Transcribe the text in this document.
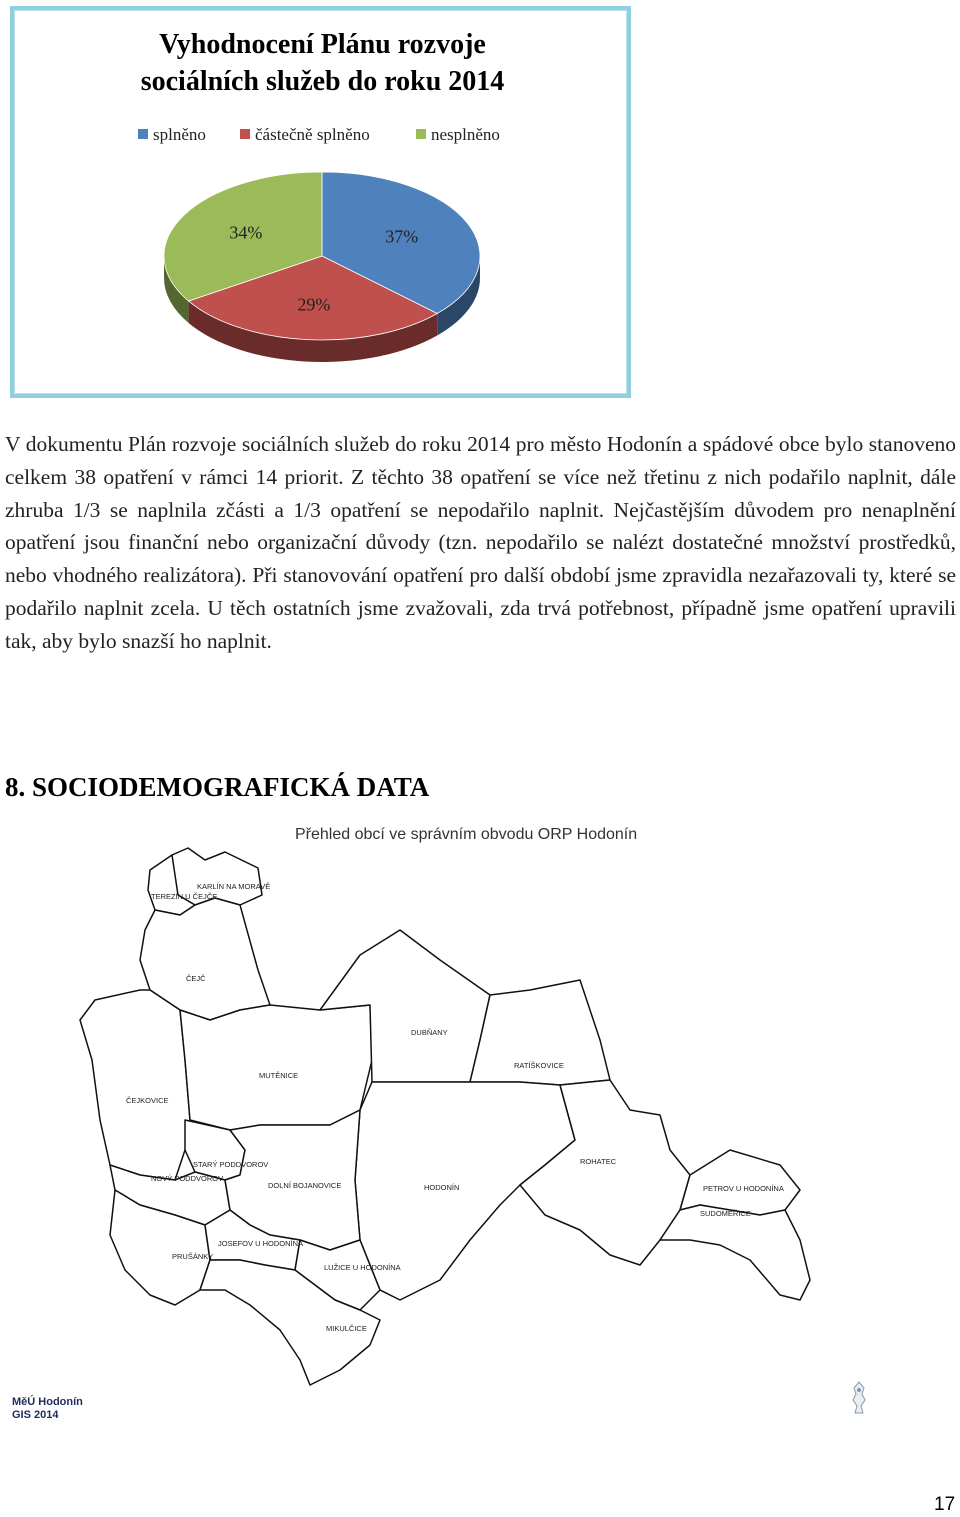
Vyhodnocení Plánu rozvoje
sociálních služeb do roku 2014
splněno	částečně splněno	nesplněno
37%
29%
34%

V dokumentu Plán rozvoje sociálních služeb do roku 2014 pro město Hodonín a spádové obce bylo stanoveno celkem 38 opatření v rámci 14 priorit. Z těchto 38 opatření se více než třetinu z nich podařilo naplnit, dále zhruba 1/3 se naplnila zčásti a 1/3 opatření se nepodařilo naplnit. Nejčastějším důvodem pro nenaplnění opatření jsou finanční nebo organizační důvody (tzn. nepodařilo se nalézt dostatečné množství prostředků, nebo vhodného realizátora). Při stanovování opatření pro další období jsme zpravidla nezařazovali ty, které se podařilo naplnit zcela. U těch ostatních jsme zvažovali, zda trvá potřebnost, případně jsme opatření upravili tak, aby bylo snazší ho naplnit.

8. SOCIODEMOGRAFICKÁ DATA
Přehled obcí ve správním obvodu ORP Hodonín
KARLÍN NA MORAVĚ
TEREZÍN U ČEJČE
ČEJČ
DUBŇANY
MUTĚNICE
RATÍŠKOVICE
ČEJKOVICE
STARÝ PODDVOROV
NOVÝ PODDVOROV
DOLNÍ BOJANOVICE	HODONÍN
ROHATEC
PETROV U HODONÍNA
SUDOMĚŘICE
PRUŠÁNKY
JOSEFOV U HODONÍNA
LUŽICE U HODONÍNA
MIKULČICE
MěÚ Hodonín
GIS 2014
17
